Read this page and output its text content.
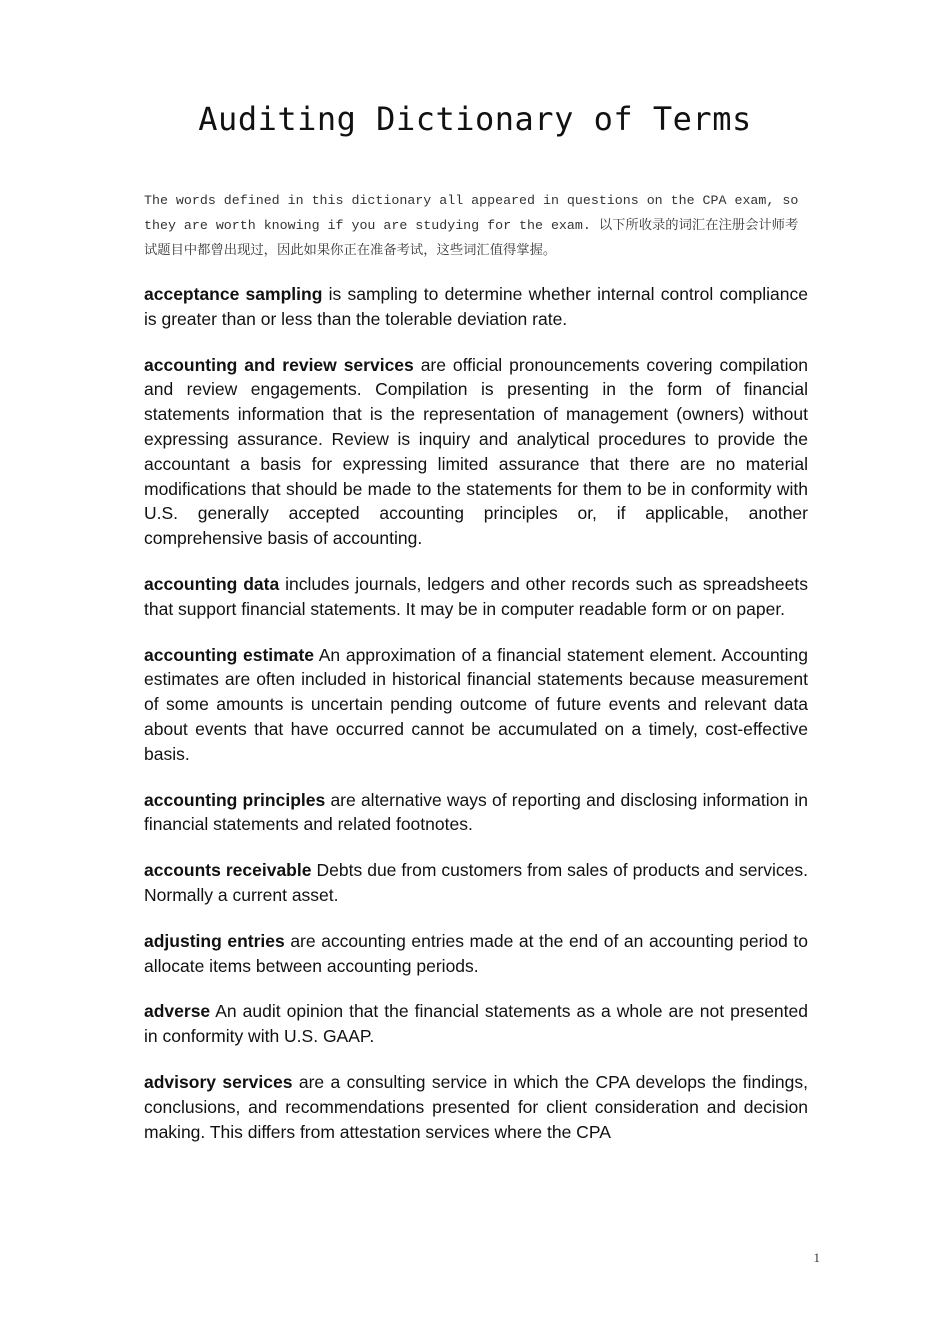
Auditing Dictionary of Terms

The words defined in this dictionary all appeared in questions on the CPA exam, so they are worth knowing if you are studying for the exam. 以下所收录的词汇在注册会计师考试题目中都曾出现过，因此如果你正在准备考试，这些词汇值得掌握。

acceptance sampling is sampling to determine whether internal control compliance is greater than or less than the tolerable deviation rate.

accounting and review services are official pronouncements covering compilation and review engagements. Compilation is presenting in the form of financial statements information that is the representation of management (owners) without expressing assurance. Review is inquiry and analytical procedures to provide the accountant a basis for expressing limited assurance that there are no material modifications that should be made to the statements for them to be in conformity with U.S. generally accepted accounting principles or, if applicable, another comprehensive basis of accounting.

accounting data includes journals, ledgers and other records such as spreadsheets that support financial statements. It may be in computer readable form or on paper.

accounting estimate An approximation of a financial statement element. Accounting estimates are often included in historical financial statements because measurement of some amounts is uncertain pending outcome of future events and relevant data about events that have occurred cannot be accumulated on a timely, cost-effective basis.

accounting principles are alternative ways of reporting and disclosing information in financial statements and related footnotes.

accounts receivable Debts due from customers from sales of products and services. Normally a current asset.

adjusting entries are accounting entries made at the end of an accounting period to allocate items between accounting periods.

adverse An audit opinion that the financial statements as a whole are not presented in conformity with U.S. GAAP.

advisory services are a consulting service in which the CPA develops the findings, conclusions, and recommendations presented for client consideration and decision making. This differs from attestation services where the CPA

1
